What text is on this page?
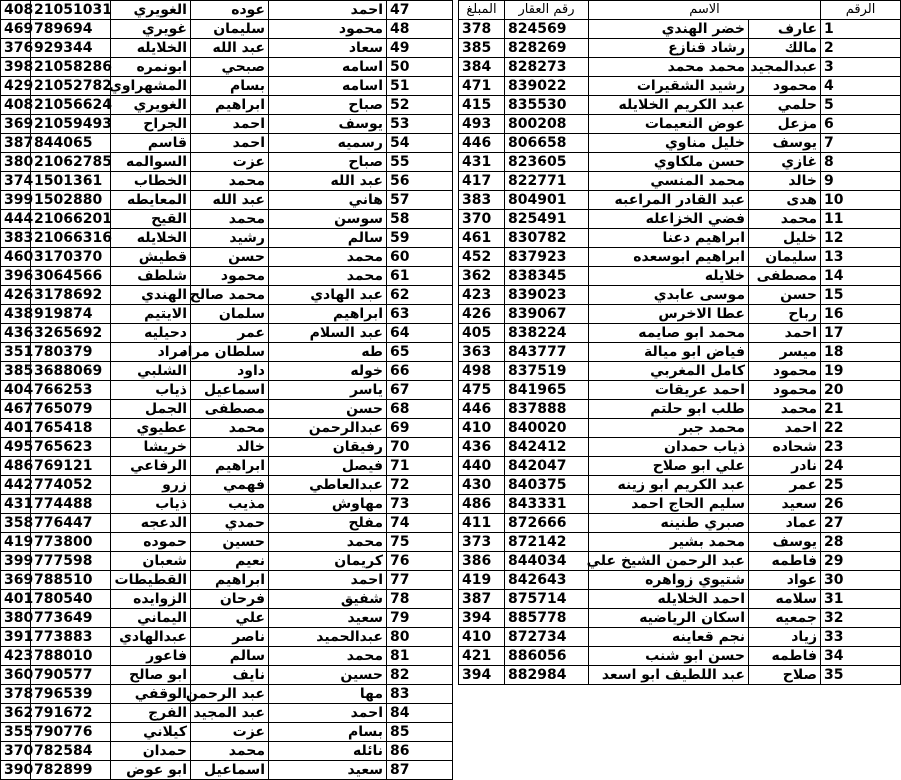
408	21051031	الغويري	عوده	احمد	47
469	789694	غويري	سليمان	محمود	48
376	929344	الخلايله	عبد الله	سعاد	49
398	21058286	ابونمره	صبحي	اسامه	50
429	21052782	المشهراوي	بسام	اسامه	51
408	21056624	الغويري	ابراهيم	صباح	52
369	21059493	الجراح	احمد	يوسف	53
387	844065	قاسم	احمد	رسميه	54
380	21062785	السوالمه	عزت	صباح	55
374	1501361	الخطاب	محمد	عبد الله	56
399	1502880	المعايطه	عبد الله	هاني	57
444	21066201	القيح	محمد	سوسن	58
383	21066316	الخلايله	رشيد	سالم	59
460	3170370	قطيش	حسن	محمد	60
396	3064566	شلطف	محمود	محمد	61
426	3178692	الهندي	محمد صالح	عبد الهادي	62
438	919874	الايتيم	سلمان	ابراهيم	63
436	3265692	دحيليه	عمر	عبد السلام	64
351	780379	مراد	سلطان مراد	طه	65
385	3688069	الشلبي	داود	خوله	66
404	766253	ذياب	اسماعيل	ياسر	67
467	765079	الجمل	مصطفى	حسن	68
401	765418	عطيوي	محمد	عبدالرحمن	69
495	765623	خريشا	خالد	رفيقان	70
486	769121	الرفاعي	ابراهيم	فيصل	71
442	774052	زرو	فهمي	عبدالعاطي	72
431	774488	ذياب	مذيب	مهاوش	73
358	776447	الدعجه	حمدي	مفلح	74
419	773800	حموده	حسين	محمد	75
399	777598	شعبان	نعيم	كريمان	76
369	788510	القطيطات	ابراهيم	احمد	77
401	780540	الزوايده	فرحان	شفيق	78
380	773649	اليماني	علي	سعيد	79
391	773883	عبدالهادي	ناصر	عبدالحميد	80
423	788010	فاعور	سالم	محمد	81
360	790577	ابو صالح	نايف	حسين	82
378	796539	الوقفي	عبد الرحمن	مها	83
362	791672	الفرج	عبد المجيد	احمد	84
355	790776	كيلاني	عزت	بسام	85
370	782584	حمدان	محمد	نائله	86
390	782899	ابو عوض	اسماعيل	سعيد	87
المبلغ	رقم العقار	الاسم		الرقم
378	824569	خضر الهندي	عارف	1
385	828269	رشاد قنازع	مالك	2
384	828273	محمد محمد	عبدالمجيد	3
471	839022	رشيد الشقيرات	محمود	4
415	835530	عبد الكريم الخلايله	حلمي	5
493	800208	عوض النعيمات	مزعل	6
446	806658	خليل مناوي	يوسف	7
431	823605	حسن ملكاوي	غازي	8
417	822771	محمد المنسي	خالد	9
383	804901	عبد القادر المراعبه	هدى	10
370	825491	فضي الخزاعله	محمد	11
461	830782	ابراهيم دعنا	خليل	12
452	837923	ابراهيم ابوسعده	سليمان	13
362	838345	خلايله	مصطفى	14
423	839023	موسى عابدي	حسن	15
426	839067	عطا الاخرس	رباح	16
405	838224	محمد ابو صايمه	احمد	17
363	843777	فياض ابو ميالة	ميسر	18
498	837519	كامل المغربي	محمود	19
475	841965	احمد عريقات	محمود	20
446	837888	طلب ابو حلتم	محمد	21
410	840020	محمد جبر	احمد	22
436	842412	ذياب حمدان	شحاده	23
440	842047	علي ابو صلاح	نادر	24
430	840375	عبد الكريم ابو زينه	عمر	25
486	843331	سليم الحاج احمد	سعيد	26
411	872666	صبري طنينه	عماد	27
373	872142	محمد بشير	يوسف	28
386	844034	عبد الرحمن الشيخ علي	فاطمه	29
419	842643	شتيوي زواهره	عواد	30
387	875714	احمد الخلايله	سلامه	31
394	885778	اسكان الرياضيه	جمعيه	32
410	872734	نجم قعاينه	زياد	33
421	886056	حسن ابو شنب	فاطمه	34
394	882984	عبد اللطيف ابو اسعد	صلاح	35
